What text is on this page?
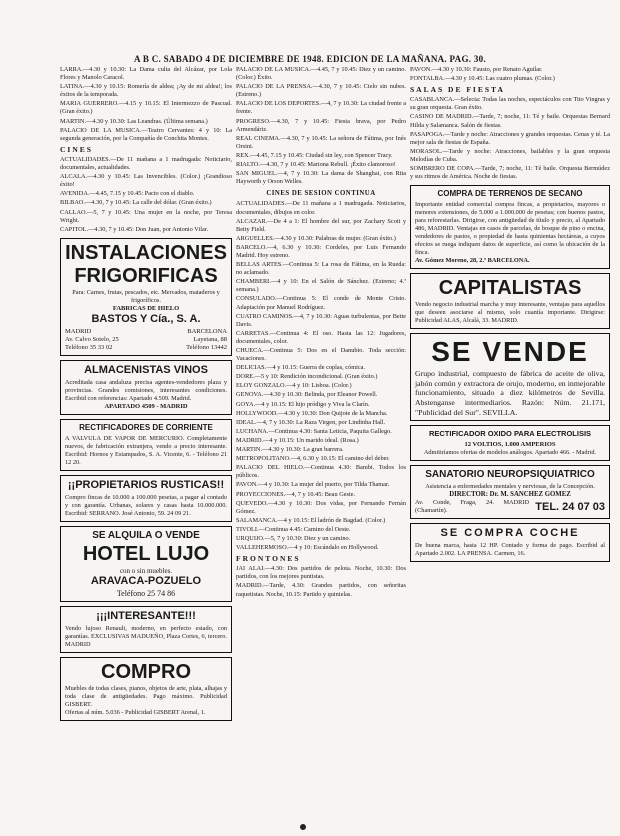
A B C. SABADO 4 DE DICIEMBRE DE 1948. EDICION DE LA MAÑANA. PAG. 30.

LARRA.—4.30 y 10.30: La Dama culta del Alcázar, por Lola Flores y Manolo Caracol.

LATINA.—4.30 y 10.15: Romería de aldea; ¡Ay de mi aldea!; los éxitos de la temporada.

MARIA GUERRERO.—4.15 y 10.15: El Intermezzo de Pascual. (Gran éxito.)

MARTIN.—4.30 y 10.30: Las Leandras. (Última semana.)

PALACIO DE LA MUSICA.—Teatro Cervantes: 4 y 10: La segunda generación, por la Compañía de Conchita Montes.

CINES

ACTUALIDADES.—De 11 mañana a 1 madrugada: Noticiario, documentales, actualidades.

ALCALA.—4.30 y 10.45: Las Invencibles. (Color.) ¡Grandioso éxito!

AVENIDA.—4.45, 7.15 y 10.45: Pacto con el diablo.

BILBAO.—4.30, 7 y 10.45: La calle del dólar. (Gran éxito.)

CALLAO.—5, 7 y 10.45: Una mujer en la noche, por Teresa Wright.

CAPITOL.—4.30, 7 y 10.45: Don Juan, por Antonio Vilar.

INSTALACIONES
FRIGORIFICAS
Para: Carnes, frutas, pescados, etc. Mercados, mataderos y frigoríficos.
FABRICAS DE HIELO
BASTOS Y Cía., S. A.
MADRID	BARCELONA
Av. Calvo Sotelo, 25	Layetana, 88
Teléfono 35 33 02	Teléfono 13442
ALMACENISTAS VINOS
Acreditada casa andaluza precisa agentes-vendedores plaza y provincias. Grandes comisiones, interesantes condiciones. Escribid con referencias: Apartado 4.509. Madrid.
APARTADO 4509 - MADRID
RECTIFICADORES DE CORRIENTE
A VALVULA DE VAPOR DE MERCURIO. Completamente nuevos, de fabricación extranjera, vendo a precio interesante. Escribid: Hornos y Estampados, S. A. Vicente, 6. - Teléfono 21 12 20.
¡¡PROPIETARIOS RUSTICAS!!
Compro fincas de 10.000 a 100.000 pesetas, a pagar al contado y con garantía. Urbanas, solares y casas hasta 10.000.000. Escribid: SERRANO. José Antonio, 59. 24 09 21.
SE ALQUILA O VENDE
HOTEL LUJO
con o sin muebles.
ARAVACA-POZUELO
Teléfono 25 74 86
¡¡¡INTERESANTE!!!
Vendo lujoso Renault, moderno, en perfecto estado, con garantías. EXCLUSIVAS MADUEÑO, Plaza Cortes, 6, tercero. MADRID
COMPRO
Muebles de todas clases, pianos, objetos de arte, plata, alhajas y toda clase de antigüedades. Pago máximo. Publicidad GISBERT.
Ofertas al núm. 5.036 - Publicidad GISBERT Arenal, 1.

PALACIO DE LA MUSICA.—4.45, 7 y 10.45: Diez y un camino. (Color.) Éxito.

PALACIO DE LA PRENSA.—4.30, 7 y 10.45: Cielo sin nubes. (Estreno.)

PALACIO DE LOS DEPORTES.—4, 7 y 10.30: La ciudad frente a frente.

PROGRESO.—4.30, 7 y 10.45: Fiesta brava, por Pedro Armendáriz.

REAL CINEMA.—4.30, 7 y 10.45: La señora de Fátima, por Inés Orsini.

REX.—4.45, 7.15 y 10.45: Ciudad sin ley, con Spencer Tracy.

RIALTO.—4.30, 7 y 10.45: Mariona Rebull. ¡Éxito clamoroso!

SAN MIGUEL.—4, 7 y 10.30: La dama de Shanghai, con Rita Hayworth y Orson Welles.

CINES DE SESION CONTINUA

ACTUALIDADES.—De 11 mañana a 1 madrugada. Noticiarios, documentales, dibujos en color.

ALCAZAR.—De 4 a 1: El hombre del sur, por Zachary Scott y Betty Field.

ARGUELLES.—4.30 y 10.30: Palabras de mujer. (Gran éxito.)

BARCELO.—4, 6.30 y 10.30: Cordeles, por Luis Fernando Madrid. Hoy estreno.

BELLAS ARTES.—Continua 5: La rosa de Fátima, en la Rueda: no aclamado.

CHAMBERI.—4 y 10: En el Salón de Sánchez. (Estreno; 4.ª semana.)

CONSULADO.—Continua 5: El conde de Monte Cristo. Adaptación por Manuel Rodríguez.

CUATRO CAMINOS.—4, 7 y 10.30: Aguas turbulentas, por Bette Davis.

CARRETAS.—Continua 4: El oso. Hasta las 12: Jugadores, documentales, color.

CHUECA.—Continua 5: Dos en el Danubio. Toda sección: Vacaciones.

DELICIAS.—4 y 10.15: Guerra de coplas, cómica.

DORE.—5 y 10: Rendición incondicional. (Gran éxito.)

ELOY GONZALO.—4 y 10: Lisboa. (Color.)

GENOVA.—4.30 y 10.30: Belinda, por Eleanor Powell.

GOYA.—4 y 10.15: El hijo pródigo y Viva la Clarín.

HOLLYWOOD.—4.30 y 10.30: Don Quijote de la Mancha.

IDEAL.—4, 7 y 10.30: La Raza Virgen, por Lindinha Hall.

LUCHANA.—Continua 4.30: Santa Leticia, Paquita Gallego.

MADRID.—4 y 10.15: Un marido ideal. (Rosa.)

MARTIN.—4.30 y 10.30: La gran barrera.

METROPOLITANO.—4, 6.30 y 10.15: El camino del deber.

PALACIO DEL HIELO.—Continua 4.30: Bambi. Todos los públicos.

PAVON.—4 y 10.30: La mujer del puerto, por Tilda Thamar.

PROYECCIONES.—4, 7 y 10.45: Beau Geste.

QUEVEDO.—4.30 y 10.30: Dos vidas, por Fernando Fernán Gómez.

SALAMANCA.—4 y 10.15: El ladrón de Bagdad. (Color.)

TIVOLI.—Continua 4.45: Camino del Oeste.

URQUIJO.—5, 7 y 10.30: Diez y un camino.

VALLEHERMOSO.—4 y 10: Escándalo en Hollywood.

FRONTONES

JAI ALAI.—4.30: Dos partidos de pelota. Noche, 10.30: Dos partidos, con los mejores puntistas.

MADRID.—Tarde, 4.30: Grandes partidos, con señoritas raquetistas. Noche, 10.15: Partido y quinielas.

PAVON.—4.30 y 10.30: Fausto, por Renato Aguilar.

FONTALBA.—4.30 y 10.45: Las cuatro plumas. (Color.)

SALAS DE FIESTA

CASABLANCA.—Selecta: Todas las noches, espectáculos con Tito Vingras y su gran orquesta. Gran éxito.

CASINO DE MADRID.—Tarde, 7; noche, 11: Té y baile. Orquestas Bernard Hilda y Salamanca. Salón de fiestas.

PASAPOGA.—Tarde y noche: Atracciones y grandes orquestas. Cenas y té. La mejor sala de fiestas de España.

MORASOL.—Tarde y noche: Atracciones, bailables y la gran orquesta Melodías de Cuba.

SOMBRERO DE COPA.—Tarde, 7; noche, 11: Té baile. Orquesta Bermúdez y sus ritmos de América. Noche de fiestas.

COMPRA DE TERRENOS DE SECANO
Importante entidad comercial compra fincas, a propietarios, mayores o menores extensiones, de 5.000 a 1.000.000 de pesetas; con buenos pastos, para reforestarlas. Dirigirse, con antigüedad de título y precio, al Apartado 486, MADRID. Ventajas en casos de parcelas, de bosque de pino o encina, vendedores de pastos, o propiedad de hasta quinientas hectáreas, a cuyos efectos se ruega indiquen datos de superficie, así como la ubicación de la finca.
Av. Gómez Moreno, 28, 2.º BARCELONA.
CAPITALISTAS
Vendo negocio industrial marcha y muy interesante, ventajas para aquellos que deseen asociarse al mismo, solo cuantía importante. Dirigirse: Publicidad ALAS, Alcalá, 33. MADRID.
SE VENDE
Grupo industrial, compuesto de fábrica de aceite de oliva, jabón común y extractora de orujo, moderno, en inmejorable funcionamiento, situado a diez kilómetros de Sevilla. Abstenganse intermediarios. Razón: Núm. 21.171, "Publicidad del Sur". SEVILLA.
RECTIFICADOR OXIDO PARA ELECTROLISIS
12 VOLTIOS, 1.000 AMPERIOS
Admitiríamos ofertas de modelos análogos. Apartado 466. - Madrid.
SANATORIO NEUROPSIQUIATRICO
Asistencia a enfermedades mentales y nerviosas, de la Concepción.
DIRECTOR: Dr. M. SANCHEZ GOMEZ
Av. Conde, Fraga, 24. MADRID (Chamartín).	TEL. 24 07 03
SE COMPRA COCHE
De buena marca, hasta 12 HP. Contado y forma de pago. Escribid al Apartado 2.002. LA PRENSA. Carmen, 16.
